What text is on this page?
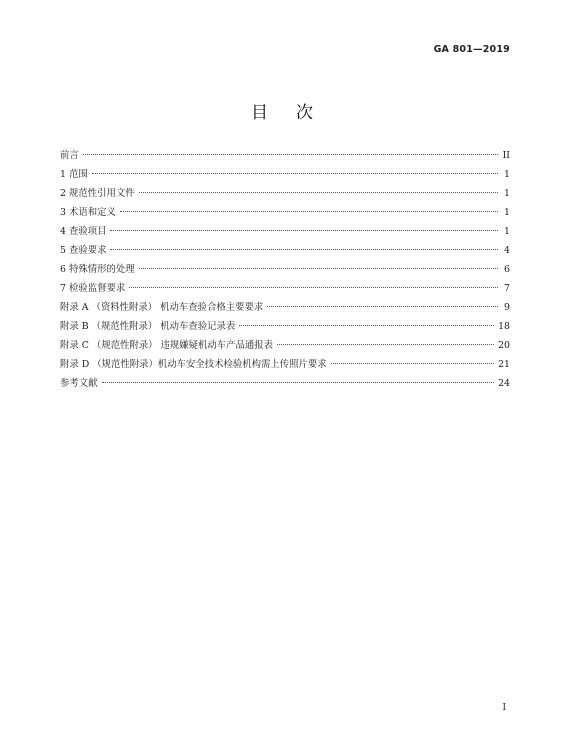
GA 801—2019
目次
前言	II
1 范围	1
2 规范性引用文件	1
3 术语和定义	1
4 查验项目	1
5 查验要求	4
6 特殊情形的处理	6
7 检验监督要求	7
附录 A （资料性附录） 机动车查验合格主要要求	9
附录 B （规范性附录） 机动车查验记录表	18
附录 C （规范性附录） 违规嫌疑机动车产品通报表	20
附录 D （规范性附录）机动车安全技术检验机构需上传照片要求	21
参考文献	24
I
